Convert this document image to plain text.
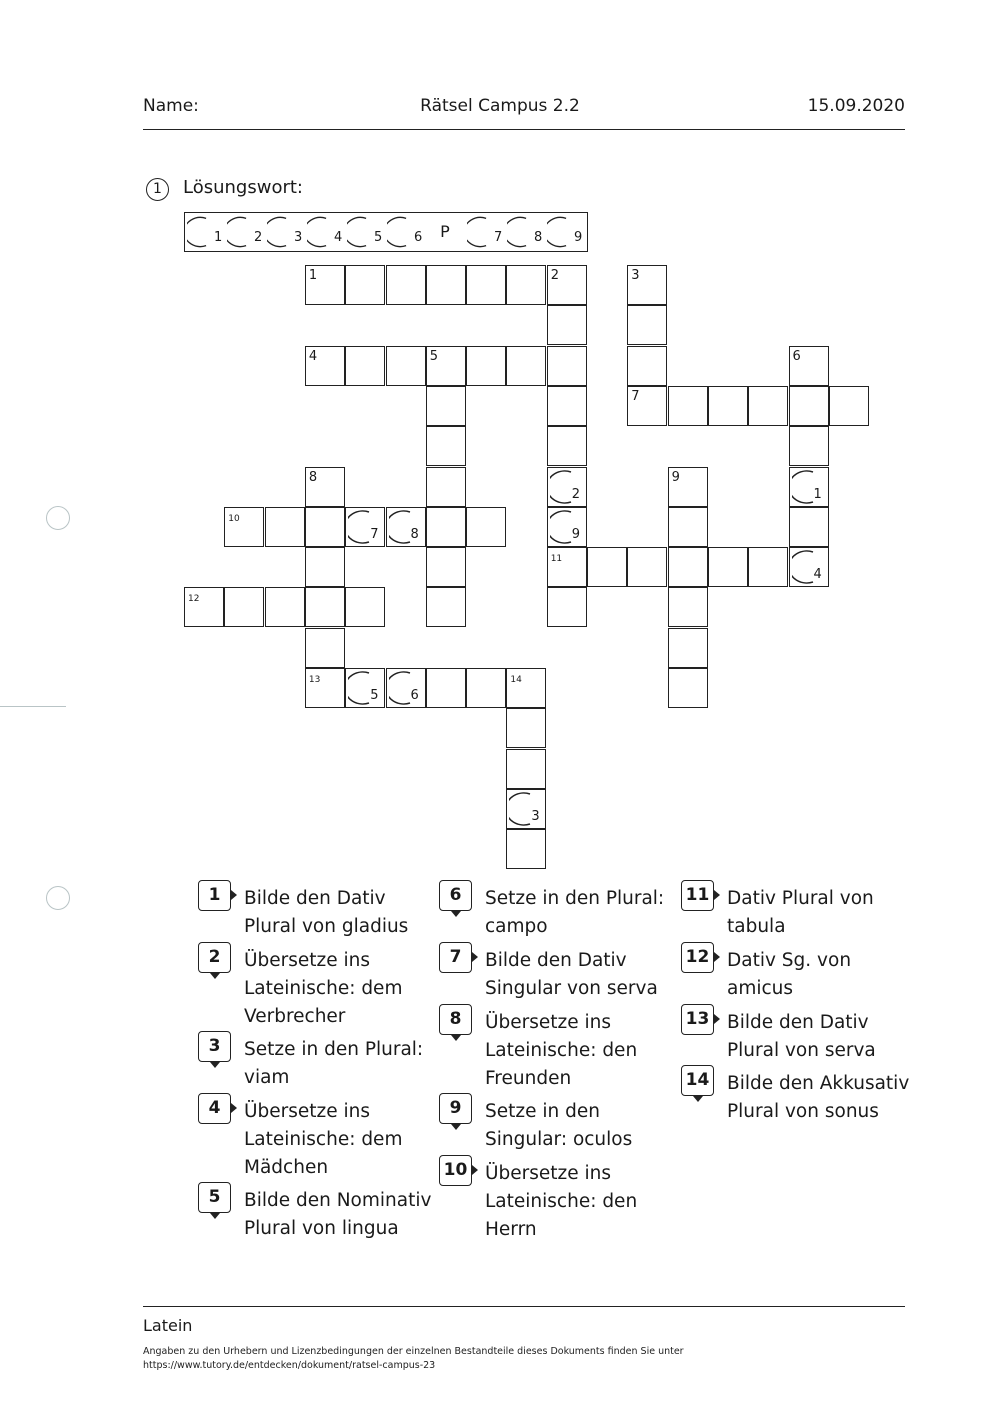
Name:	Rätsel Campus 2.2	15.09.2020
1	Lösungswort:
1 2 3 4 5 6	P	7 8 9
1	2	3
4	5	6
7
8
2
9
1
10
7 8	9
11
4
12
13
5 6
14
3
1	Bilde den Dativ Plural von gladius
2	Übersetze ins Lateinische: dem Verbrecher
3	Setze in den Plural: viam
4	Übersetze ins Lateinische: dem Mädchen
5	Bilde den Nominativ Plural von lingua
6	Setze in den Plural: campo
7	Bilde den Dativ Singular von serva
8	Übersetze ins Lateinische: den Freunden
9	Setze in den Singular: oculos
10 Übersetze ins Lateinische: den Herrn
11 Dativ Plural von tabula
12 Dativ Sg. von amicus
13 Bilde den Dativ Plural von serva
14 Bilde den Akkusativ Plural von sonus
Latein
Angaben zu den Urhebern und Lizenzbedingungen der einzelnen Bestandteile dieses Dokuments finden Sie unter
https://www.tutory.de/entdecken/dokument/ratsel-campus-23
